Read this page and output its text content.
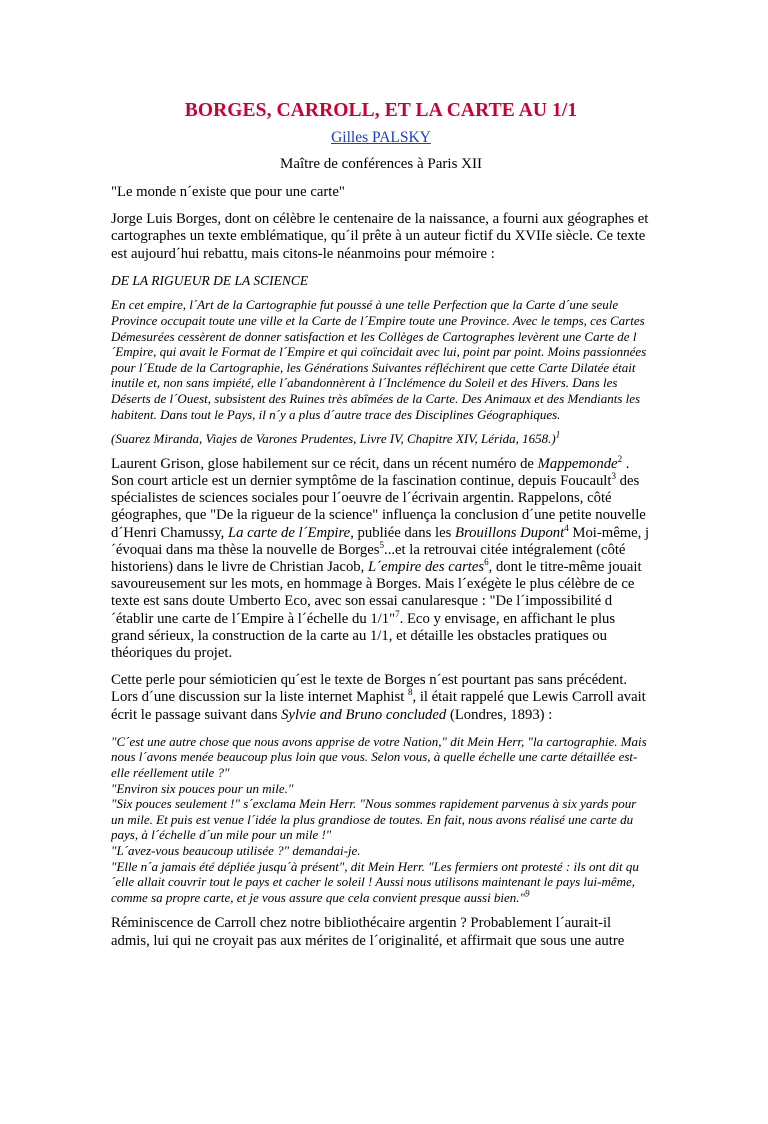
BORGES, CARROLL, ET LA CARTE AU 1/1
Gilles PALSKY
Maître de conférences à Paris XII

"Le monde n´existe que pour une carte"

Jorge Luis Borges, dont on célèbre le centenaire de la naissance, a fourni aux géographes et cartographes un texte emblématique, qu´il prête à un auteur fictif du XVIIe siècle. Ce texte est aujourd´hui rebattu, mais citons-le néanmoins pour mémoire :

DE LA RIGUEUR DE LA SCIENCE

En cet empire, l´Art de la Cartographie fut poussé à une telle Perfection que la Carte d´une seule Province occupait toute une ville et la Carte de l´Empire toute une Province. Avec le temps, ces Cartes Démesurées cessèrent de donner satisfaction et les Collèges de Cartographes levèrent une Carte de l´Empire, qui avait le Format de l´Empire et qui coïncidait avec lui, point par point. Moins passionnées pour l´Etude de la Cartographie, les Générations Suivantes réfléchirent que cette Carte Dilatée était inutile et, non sans impiété, elle l´abandonnèrent à l´Inclémence du Soleil et des Hivers. Dans les Déserts de l´Ouest, subsistent des Ruines très abîmées de la Carte. Des Animaux et des Mendiants les habitent. Dans tout le Pays, il n´y a plus d´autre trace des Disciplines Géographiques.

(Suarez Miranda, Viajes de Varones Prudentes, Livre IV, Chapitre XIV, Lérida, 1658.)$^1$

Laurent Grison, glose habilement sur ce récit, dans un récent numéro de Mappemonde$^2$ . Son court article est un dernier symptôme de la fascination continue, depuis Foucault$^3$ des spécialistes de sciences sociales pour l´oeuvre de l´écrivain argentin. Rappelons, côté géographes, que "De la rigueur de la science" influença la conclusion d´une petite nouvelle d´Henri Chamussy, La carte de l´Empire, publiée dans les Brouillons Dupont$^4$ Moi-même, j´évoquai dans ma thèse la nouvelle de Borges$^5$...et la retrouvai citée intégralement (côté historiens) dans le livre de Christian Jacob, L´empire des cartes$^6$, dont le titre-même jouait savoureusement sur les mots, en hommage à Borges. Mais l´exégète le plus célèbre de ce texte est sans doute Umberto Eco, avec son essai canularesque : "De l´impossibilité d´établir une carte de l´Empire à l´échelle du 1/1"$^7$. Eco y envisage, en affichant le plus grand sérieux, la construction de la carte au 1/1, et détaille les obstacles pratiques ou théoriques du projet.

Cette perle pour sémioticien qu´est le texte de Borges n´est pourtant pas sans précédent. Lors d´une discussion sur la liste internet Maphist $^8$, il était rappelé que Lewis Carroll avait écrit le passage suivant dans Sylvie and Bruno concluded (Londres, 1893) :

"C´est une autre chose que nous avons apprise de votre Nation," dit Mein Herr, "la cartographie. Mais nous l´avons menée beaucoup plus loin que vous. Selon vous, à quelle échelle une carte détaillée est-elle réellement utile ?"

"Environ six pouces pour un mile."

"Six pouces seulement !" s´exclama Mein Herr. "Nous sommes rapidement parvenus à six yards pour un mile. Et puis est venue l´idée la plus grandiose de toutes. En fait, nous avons réalisé une carte du pays, à l´échelle d´un mile pour un mile !"

"L´avez-vous beaucoup utilisée ?" demandai-je.

"Elle n´a jamais été dépliée jusqu´à présent", dit Mein Herr. "Les fermiers ont protesté : ils ont dit qu´elle allait couvrir tout le pays et cacher le soleil ! Aussi nous utilisons maintenant le pays lui-même, comme sa propre carte, et je vous assure que cela convient presque aussi bien."$^9$

Réminiscence de Carroll chez notre bibliothécaire argentin ? Probablement l´aurait-il admis, lui qui ne croyait pas aux mérites de l´originalité, et affirmait que sous une autre
